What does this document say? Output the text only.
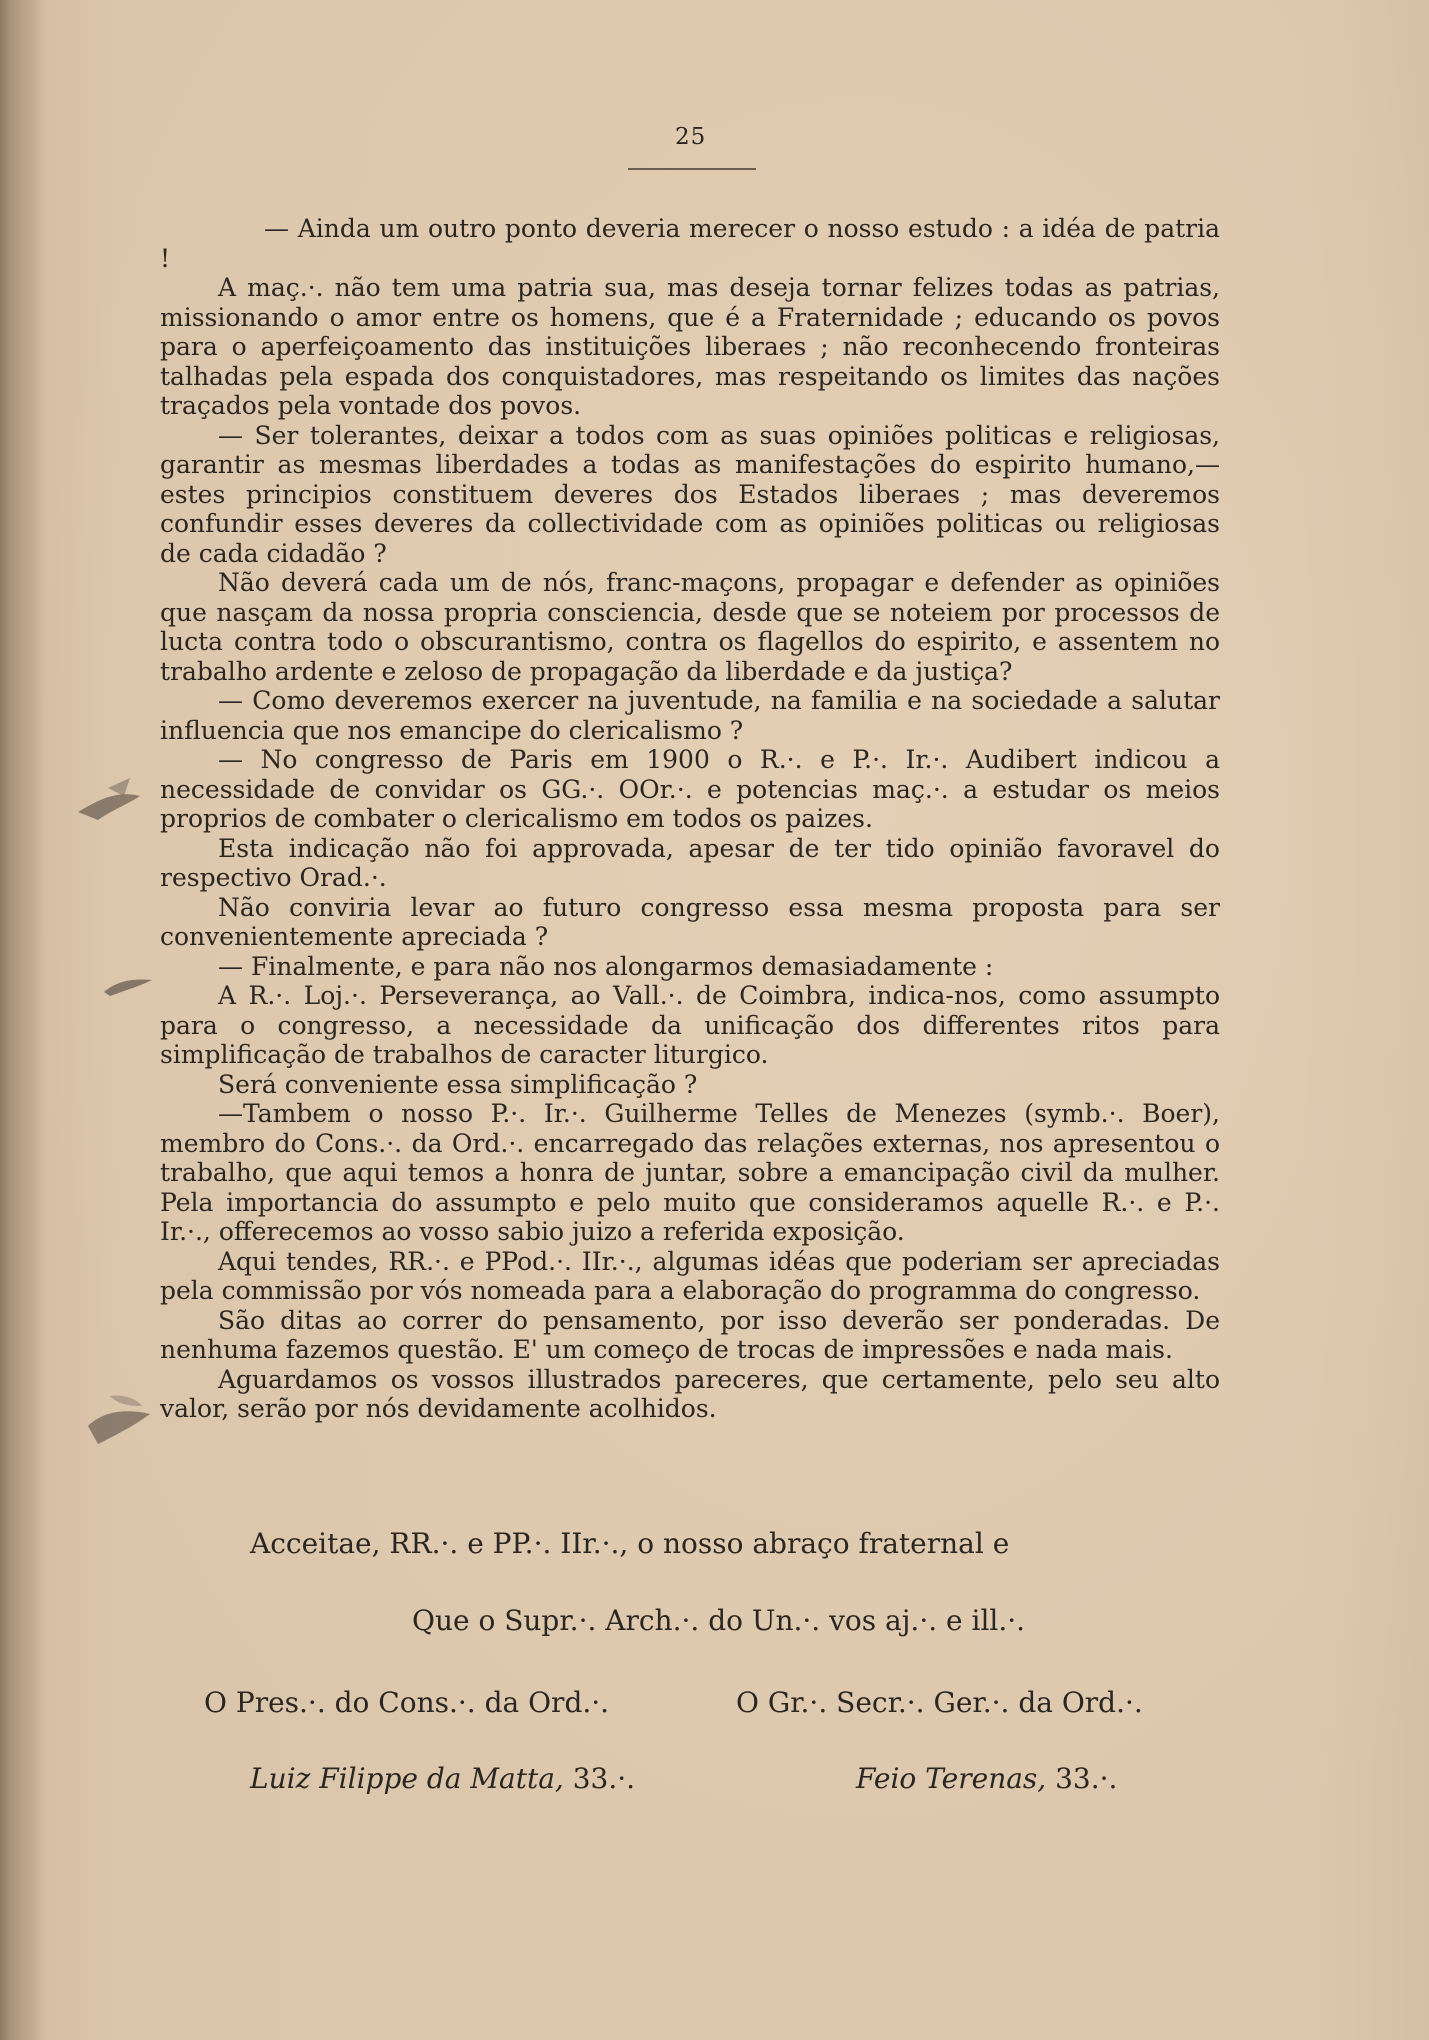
25

— Ainda um outro ponto deveria merecer o nosso estudo : a idéa de patria !

A maç.·. não tem uma patria sua, mas deseja tornar felizes todas as patrias, missionando o amor entre os homens, que é a Fraternidade ; educando os povos para o aperfeiçoamento das instituições liberaes ; não reconhecendo fronteiras talhadas pela espada dos conquistadores, mas respeitando os limites das nações traçados pela vontade dos povos.

— Ser tolerantes, deixar a todos com as suas opiniões politicas e religiosas, garantir as mesmas liberdades a todas as manifestações do espirito humano,— estes principios constituem deveres dos Estados liberaes ; mas deveremos confundir esses deveres da collectividade com as opiniões politicas ou religiosas de cada cidadão ?

Não deverá cada um de nós, franc-maçons, propagar e defender as opiniões que nasçam da nossa propria consciencia, desde que se noteiem por processos de lucta contra todo o obscurantismo, contra os flagellos do espirito, e assentem no trabalho ardente e zeloso de propagação da liberdade e da justiça?

— Como deveremos exercer na juventude, na familia e na sociedade a salutar influencia que nos emancipe do clericalismo ?

— No congresso de Paris em 1900 o R.·. e P.·. Ir.·. Audibert indicou a necessidade de convidar os GG.·. OOr.·. e potencias maç.·. a estudar os meios proprios de combater o clericalismo em todos os paizes.

Esta indicação não foi approvada, apesar de ter tido opinião favoravel do respectivo Orad.·.

Não conviria levar ao futuro congresso essa mesma proposta para ser convenientemente apreciada ?

— Finalmente, e para não nos alongarmos demasiadamente :

A R.·. Loj.·. Perseverança, ao Vall.·. de Coimbra, indica-nos, como assumpto para o congresso, a necessidade da unificação dos differentes ritos para simplificação de trabalhos de caracter liturgico.

Será conveniente essa simplificação ?

—Tambem o nosso P.·. Ir.·. Guilherme Telles de Menezes (symb.·. Boer), membro do Cons.·. da Ord.·. encarregado das relações externas, nos apresentou o trabalho, que aqui temos a honra de juntar, sobre a emancipação civil da mulher. Pela importancia do assumpto e pelo muito que consideramos aquelle R.·. e P.·. Ir.·., offerecemos ao vosso sabio juizo a referida exposição.

Aqui tendes, RR.·. e PPod.·. IIr.·., algumas idéas que poderiam ser apreciadas pela commissão por vós nomeada para a elaboração do programma do congresso.

São ditas ao correr do pensamento, por isso deverão ser ponderadas. De nenhuma fazemos questão. E' um começo de trocas de impressões e nada mais.

Aguardamos os vossos illustrados pareceres, que certamente, pelo seu alto valor, serão por nós devidamente acolhidos.

Acceitae, RR.·. e PP.·. IIr.·., o nosso abraço fraternal e
Que o Supr.·. Arch.·. do Un.·. vos aj.·. e ill.·.
O Pres.·. do Cons.·. da Ord.·.	O Gr.·. Secr.·. Ger.·. da Ord.·.
Luiz Filippe da Matta, 33.·.	Feio Terenas, 33.·.
